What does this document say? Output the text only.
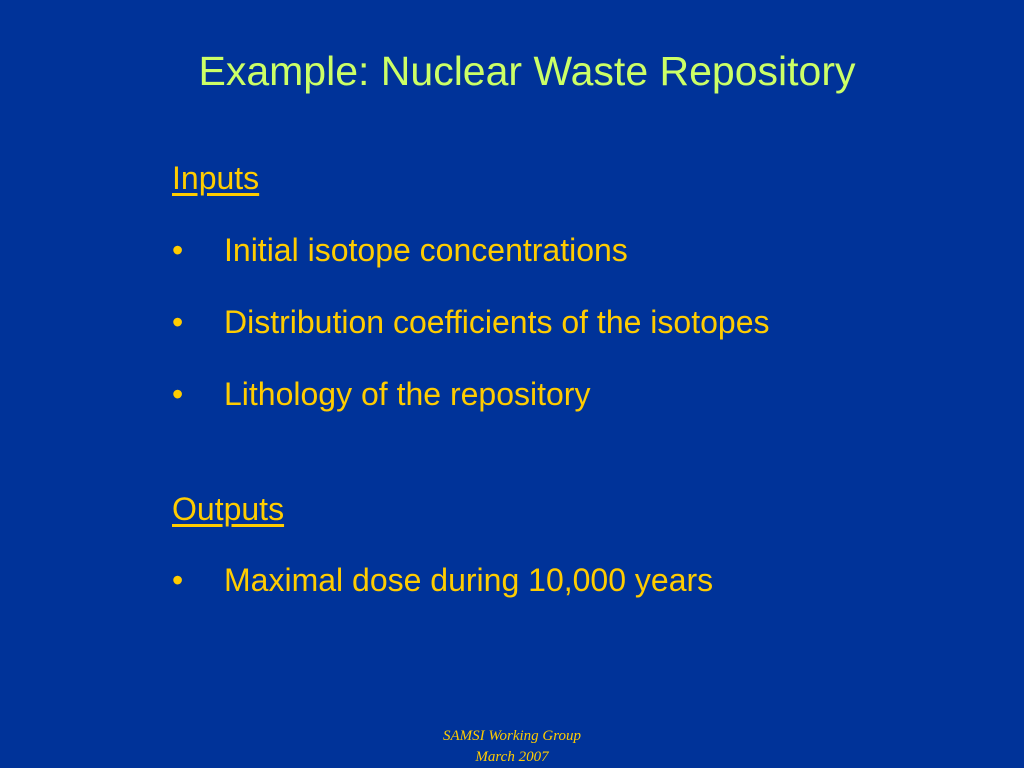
Example: Nuclear Waste Repository
Inputs
• Initial isotope concentrations
• Distribution coefficients of the isotopes
• Lithology of the repository
Outputs
• Maximal dose during 10,000 years
SAMSI Working Group
March 2007
